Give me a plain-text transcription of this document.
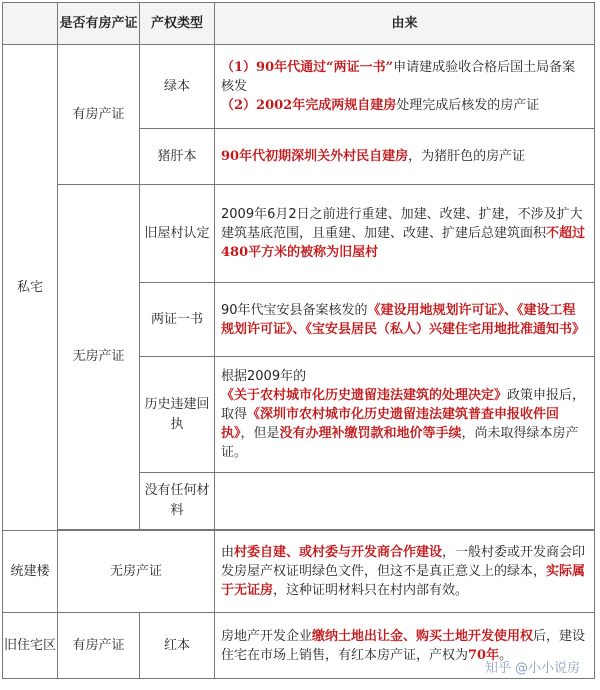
	是否有房产证	产权类型	由来
私宅	有房产证	绿本	（1）90年代通过“两证一书”申请建成验收合格后国土局备案核发
（2）2002年完成两规自建房处理完成后核发的房产证
		猪肝本	90年代初期深圳关外村民自建房，为猪肝色的房产证
	无房产证	旧屋村认定	2009年6月2日之前进行重建、加建、改建、扩建，不涉及扩大建筑基底范围，且重建、加建、改建、扩建后总建筑面积不超过480平方米的被称为旧屋村
		两证一书	90年代宝安县备案核发的《建设用地规划许可证》、《建设工程规划许可证》、《宝安县居民（私人）兴建住宅用地批准通知书》
		历史违建回执	根据2009年的《关于农村城市化历史遗留违法建筑的处理决定》政策申报后，取得《深圳市农村城市化历史遗留违法建筑普查申报收件回执》，但是没有办理补缴罚款和地价等手续，尚未取得绿本房产证。
		没有任何材料	

统建楼	无房产证		由村委自建、或村委与开发商合作建设，一般村委或开发商会印发房屋产权证明绿色文件，但这不是真正意义上的绿本，实际属于无证房，这种证明材料只在村内部有效。
旧住宅区	有房产证	红本	房地产开发企业缴纳土地出让金、购买土地开发使用权后，建设住宅在市场上销售，有红本房产证，产权为70年。
知乎 @小小说房
